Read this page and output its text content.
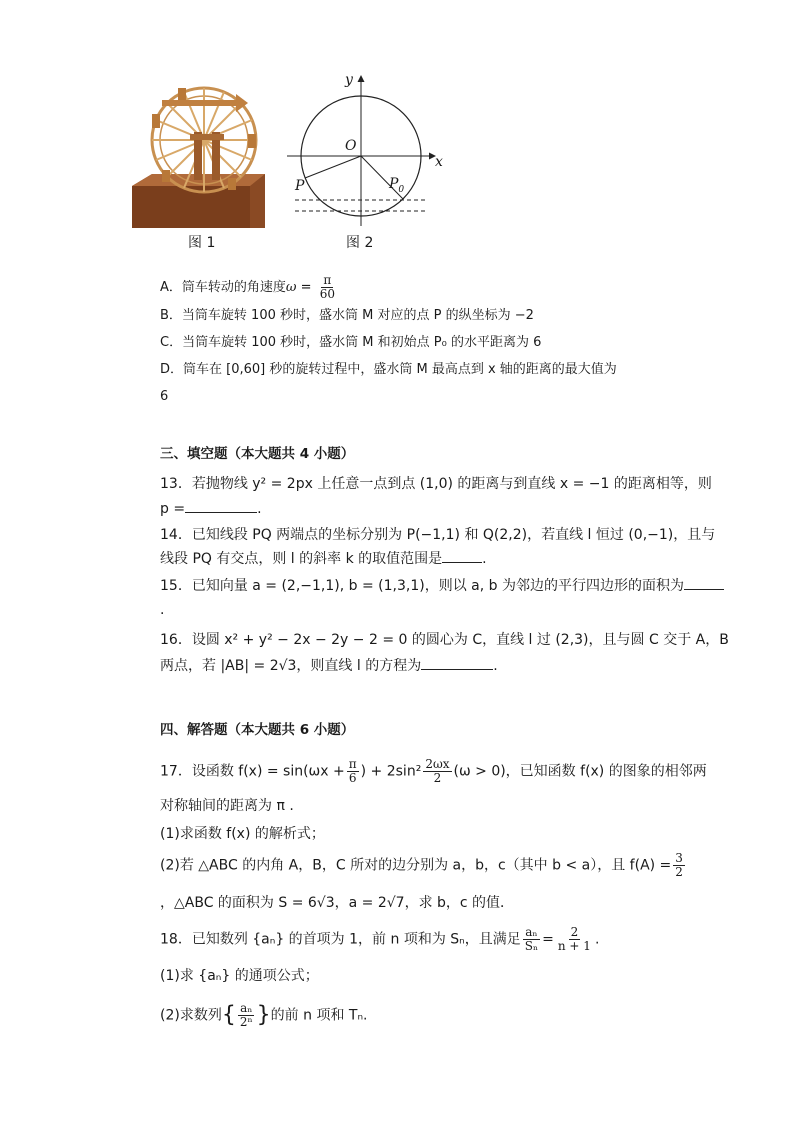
图 1
y
x
O
P	$P_0$
图 2
A．筒车转动的角速度$\omega = \frac{\pi}{60}$
B．当筒车旋转 100 秒时，盛水筒 M 对应的点 P 的纵坐标为 −2
C．当筒车旋转 100 秒时，盛水筒 M 和初始点 P₀ 的水平距离为 6
D．筒车在 [0,60] 秒的旋转过程中，盛水筒 M 最高点到 x 轴的距离的最大值为
6
三、填空题（本大题共 4 小题）
13．若抛物线 y² = 2px 上任意一点到点 (1,0) 的距离与到直线 x = −1 的距离相等，则
p =	.
14．已知线段 PQ 两端点的坐标分别为 P(−1,1) 和 Q(2,2)，若直线 l 恒过 (0,−1)，且与
线段 PQ 有交点，则 l 的斜率 k 的取值范围是	.
15．已知向量 a = (2,−1,1), b = (1,3,1)，则以 a, b 为邻边的平行四边形的面积为
.
16．设圆 x² + y² − 2x − 2y − 2 = 0 的圆心为 C，直线 l 过 (2,3)，且与圆 C 交于 A，B
两点，若 |AB| = 2√3，则直线 l 的方程为	.
四、解答题（本大题共 6 小题）
17．设函数 $f(x) = \sin(\omega x + \frac{\pi}{6}$ ) + $2\sin^2 \frac{2\omega x}{2} (\omega > 0)$，已知函数 f(x) 的图象的相邻两
对称轴间的距离为 π .
(1)求函数 f(x) 的解析式；
(2)若 △ABC 的内角 A，B，C 所对的边分别为 a，b，c（其中 b < a），且 $f(A) = \frac{3}{2}$
，△ABC 的面积为 S = 6√3，a = 2√7，求 b，c 的值．
18．已知数列 {aₙ} 的首项为 1，前 n 项和为 Sₙ，且满足 $\frac{\text{aₙ}}{\text{Sₙ}} = \frac{2}{n + 1}$ .
(1)求 {aₙ} 的通项公式；
(2)求数列{ $\frac{\text{aₙ}}{\text{2ⁿ}}$ }的前 n 项和 Tₙ.
